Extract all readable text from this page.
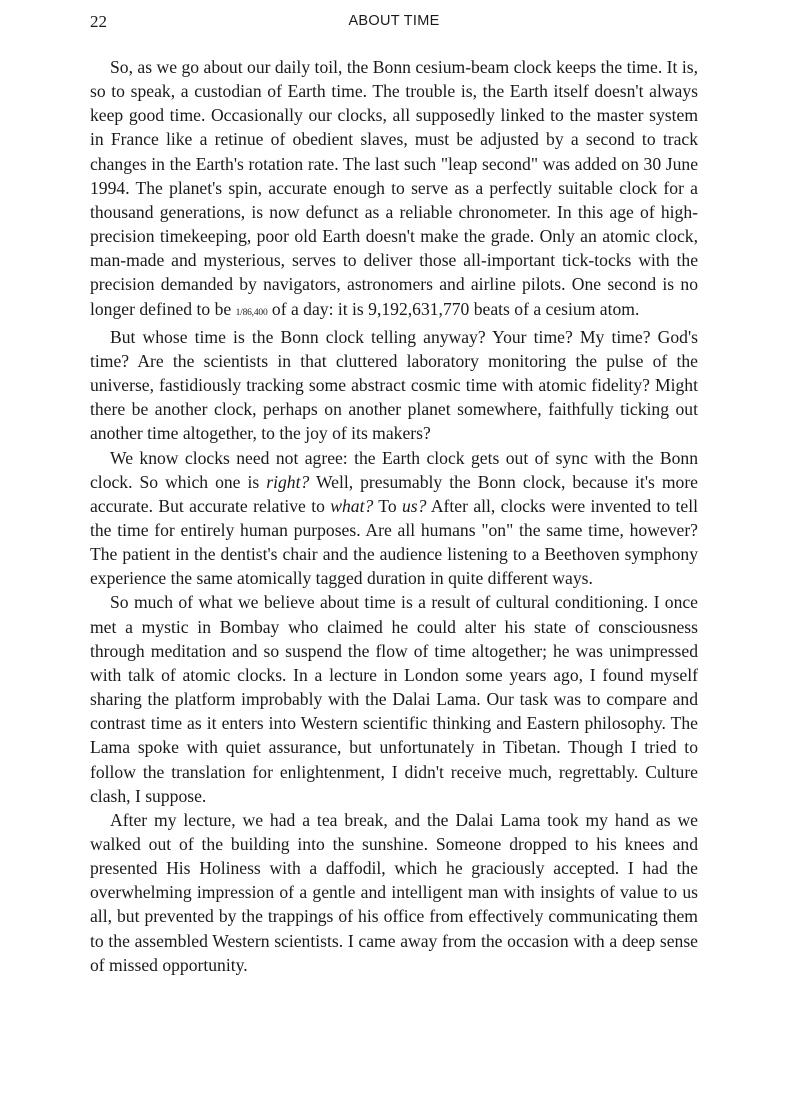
22	ABOUT TIME

So, as we go about our daily toil, the Bonn cesium-beam clock keeps the time. It is, so to speak, a custodian of Earth time. The trouble is, the Earth itself doesn't always keep good time. Occasionally our clocks, all supposedly linked to the master system in France like a retinue of obedient slaves, must be adjusted by a second to track changes in the Earth's rotation rate. The last such "leap second" was added on 30 June 1994. The planet's spin, accurate enough to serve as a perfectly suitable clock for a thousand generations, is now defunct as a reliable chronometer. In this age of high-precision timekeeping, poor old Earth doesn't make the grade. Only an atomic clock, man-made and mysterious, serves to deliver those all-important tick-tocks with the precision demanded by navigators, astronomers and airline pilots. One second is no longer defined to be 1/86,400 of a day: it is 9,192,631,770 beats of a cesium atom.

But whose time is the Bonn clock telling anyway? Your time? My time? God's time? Are the scientists in that cluttered laboratory monitoring the pulse of the universe, fastidiously tracking some abstract cosmic time with atomic fidelity? Might there be another clock, perhaps on another planet somewhere, faithfully ticking out another time altogether, to the joy of its makers?

We know clocks need not agree: the Earth clock gets out of sync with the Bonn clock. So which one is right? Well, presumably the Bonn clock, because it's more accurate. But accurate relative to what? To us? After all, clocks were invented to tell the time for entirely human purposes. Are all humans "on" the same time, however? The patient in the dentist's chair and the audience listening to a Beethoven symphony experience the same atomically tagged duration in quite different ways.

So much of what we believe about time is a result of cultural conditioning. I once met a mystic in Bombay who claimed he could alter his state of consciousness through meditation and so suspend the flow of time altogether; he was unimpressed with talk of atomic clocks. In a lecture in London some years ago, I found myself sharing the platform improbably with the Dalai Lama. Our task was to compare and contrast time as it enters into Western scientific thinking and Eastern philosophy. The Lama spoke with quiet assurance, but unfortunately in Tibetan. Though I tried to follow the translation for enlightenment, I didn't receive much, regrettably. Culture clash, I suppose.

After my lecture, we had a tea break, and the Dalai Lama took my hand as we walked out of the building into the sunshine. Someone dropped to his knees and presented His Holiness with a daffodil, which he graciously accepted. I had the overwhelming impression of a gentle and intelligent man with insights of value to us all, but prevented by the trappings of his office from effectively communicating them to the assembled Western scientists. I came away from the occasion with a deep sense of missed opportunity.
